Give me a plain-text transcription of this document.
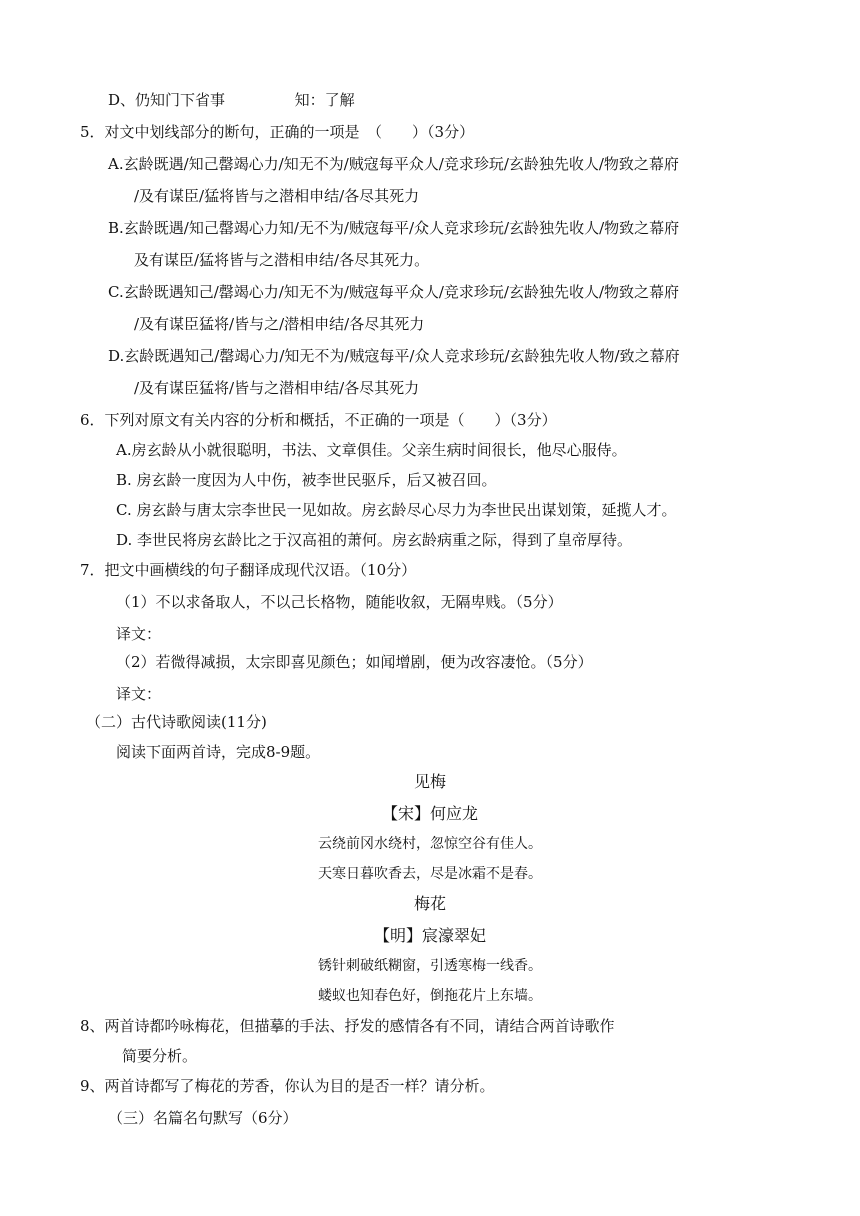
D、仍知门下省事	知：了解
5．对文中划线部分的断句，正确的一项是　（　　）（3分）
A.玄龄既遇/知己罄竭心力/知无不为/贼寇每平众人/竞求珍玩/玄龄独先收人/物致之幕府
/及有谋臣/猛将皆与之潜相申结/各尽其死力
B.玄龄既遇/知己罄竭心力知/无不为/贼寇每平/众人竞求珍玩/玄龄独先收人/物致之幕府
及有谋臣/猛将皆与之潜相申结/各尽其死力。
C.玄龄既遇知己/罄竭心力/知无不为/贼寇每平众人/竞求珍玩/玄龄独先收人/物致之幕府
/及有谋臣猛将/皆与之/潜相申结/各尽其死力
D.玄龄既遇知己/罄竭心力/知无不为/贼寇每平/众人竞求珍玩/玄龄独先收人物/致之幕府
/及有谋臣猛将/皆与之潜相申结/各尽其死力
6．下列对原文有关内容的分析和概括，不正确的一项是（　　）（3分）
A.房玄龄从小就很聪明，书法、文章俱佳。父亲生病时间很长，他尽心服侍。
B. 房玄龄一度因为人中伤，被李世民驱斥，后又被召回。
C. 房玄龄与唐太宗李世民一见如故。房玄龄尽心尽力为李世民出谋划策，延揽人才。
D. 李世民将房玄龄比之于汉高祖的萧何。房玄龄病重之际，得到了皇帝厚待。
7．把文中画横线的句子翻译成现代汉语。（10分）
（1）不以求备取人，不以己长格物，随能收叙，无隔卑贱。（5分）
译文：
（2）若微得减损，太宗即喜见颜色；如闻增剧，便为改容凄怆。（5分）
译文：
（二）古代诗歌阅读(11分)
阅读下面两首诗，完成8-9题。
见梅
【宋】何应龙
云绕前冈水绕村，忽惊空谷有佳人。
天寒日暮吹香去，尽是冰霜不是春。
梅花
【明】宸濠翠妃
锈针刺破纸糊窗，引透寒梅一线香。
蝼蚁也知春色好，倒拖花片上东墙。
8、两首诗都吟咏梅花，但描摹的手法、抒发的感情各有不同，请结合两首诗歌作
简要分析。
9、两首诗都写了梅花的芳香，你认为目的是否一样？请分析。
（三）名篇名句默写（6分）
